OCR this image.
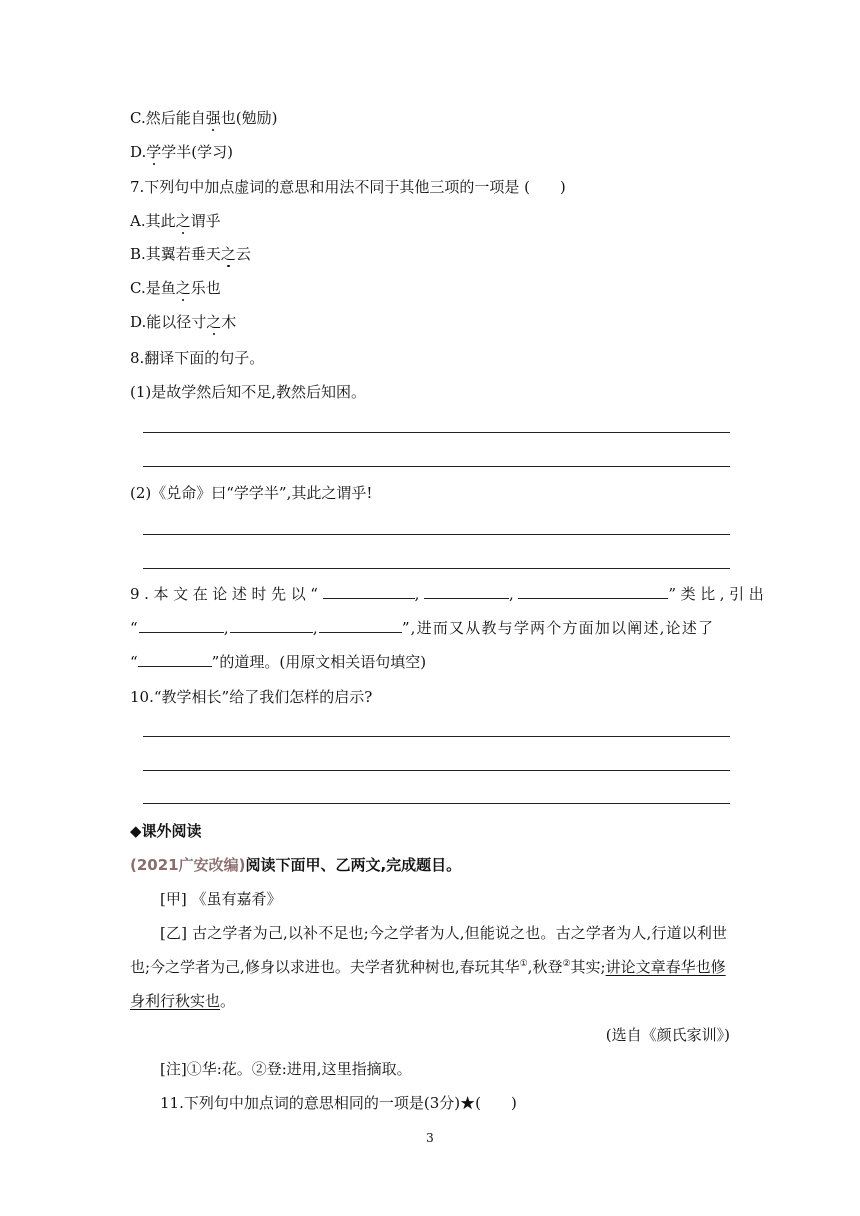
C.然后能自强也(勉励)
D.学学半(学习)
7.下列句中加点虚词的意思和用法不同于其他三项的一项是 (　　)
A.其此之谓乎
B.其翼若垂天之云
C.是鱼之乐也
D.能以径寸之木
8.翻译下面的句子。
(1)是故学然后知不足,教然后知困。
(2)《兑命》曰“学学半”,其此之谓乎!
9.本文在论述时先以“	,	,	”类比,引出
“	,	,	”,进而又从教与学两个方面加以阐述,论述了
“	”的道理。(用原文相关语句填空)
10.“教学相长”给了我们怎样的启示?
◆课外阅读
(2021广安改编)阅读下面甲、乙两文,完成题目。
[甲] 《虽有嘉肴》
[乙] 古之学者为己,以补不足也;今之学者为人,但能说之也。古之学者为人,行道以利世
也;今之学者为己,修身以求进也。夫学者犹种树也,春玩其华①,秋登②其实;讲论文章春华也修
身利行秋实也。
(选自《颜氏家训》)
[注]①华:花。②登:进用,这里指摘取。
11.下列句中加点词的意思相同的一项是(3分)★(　　)
3
